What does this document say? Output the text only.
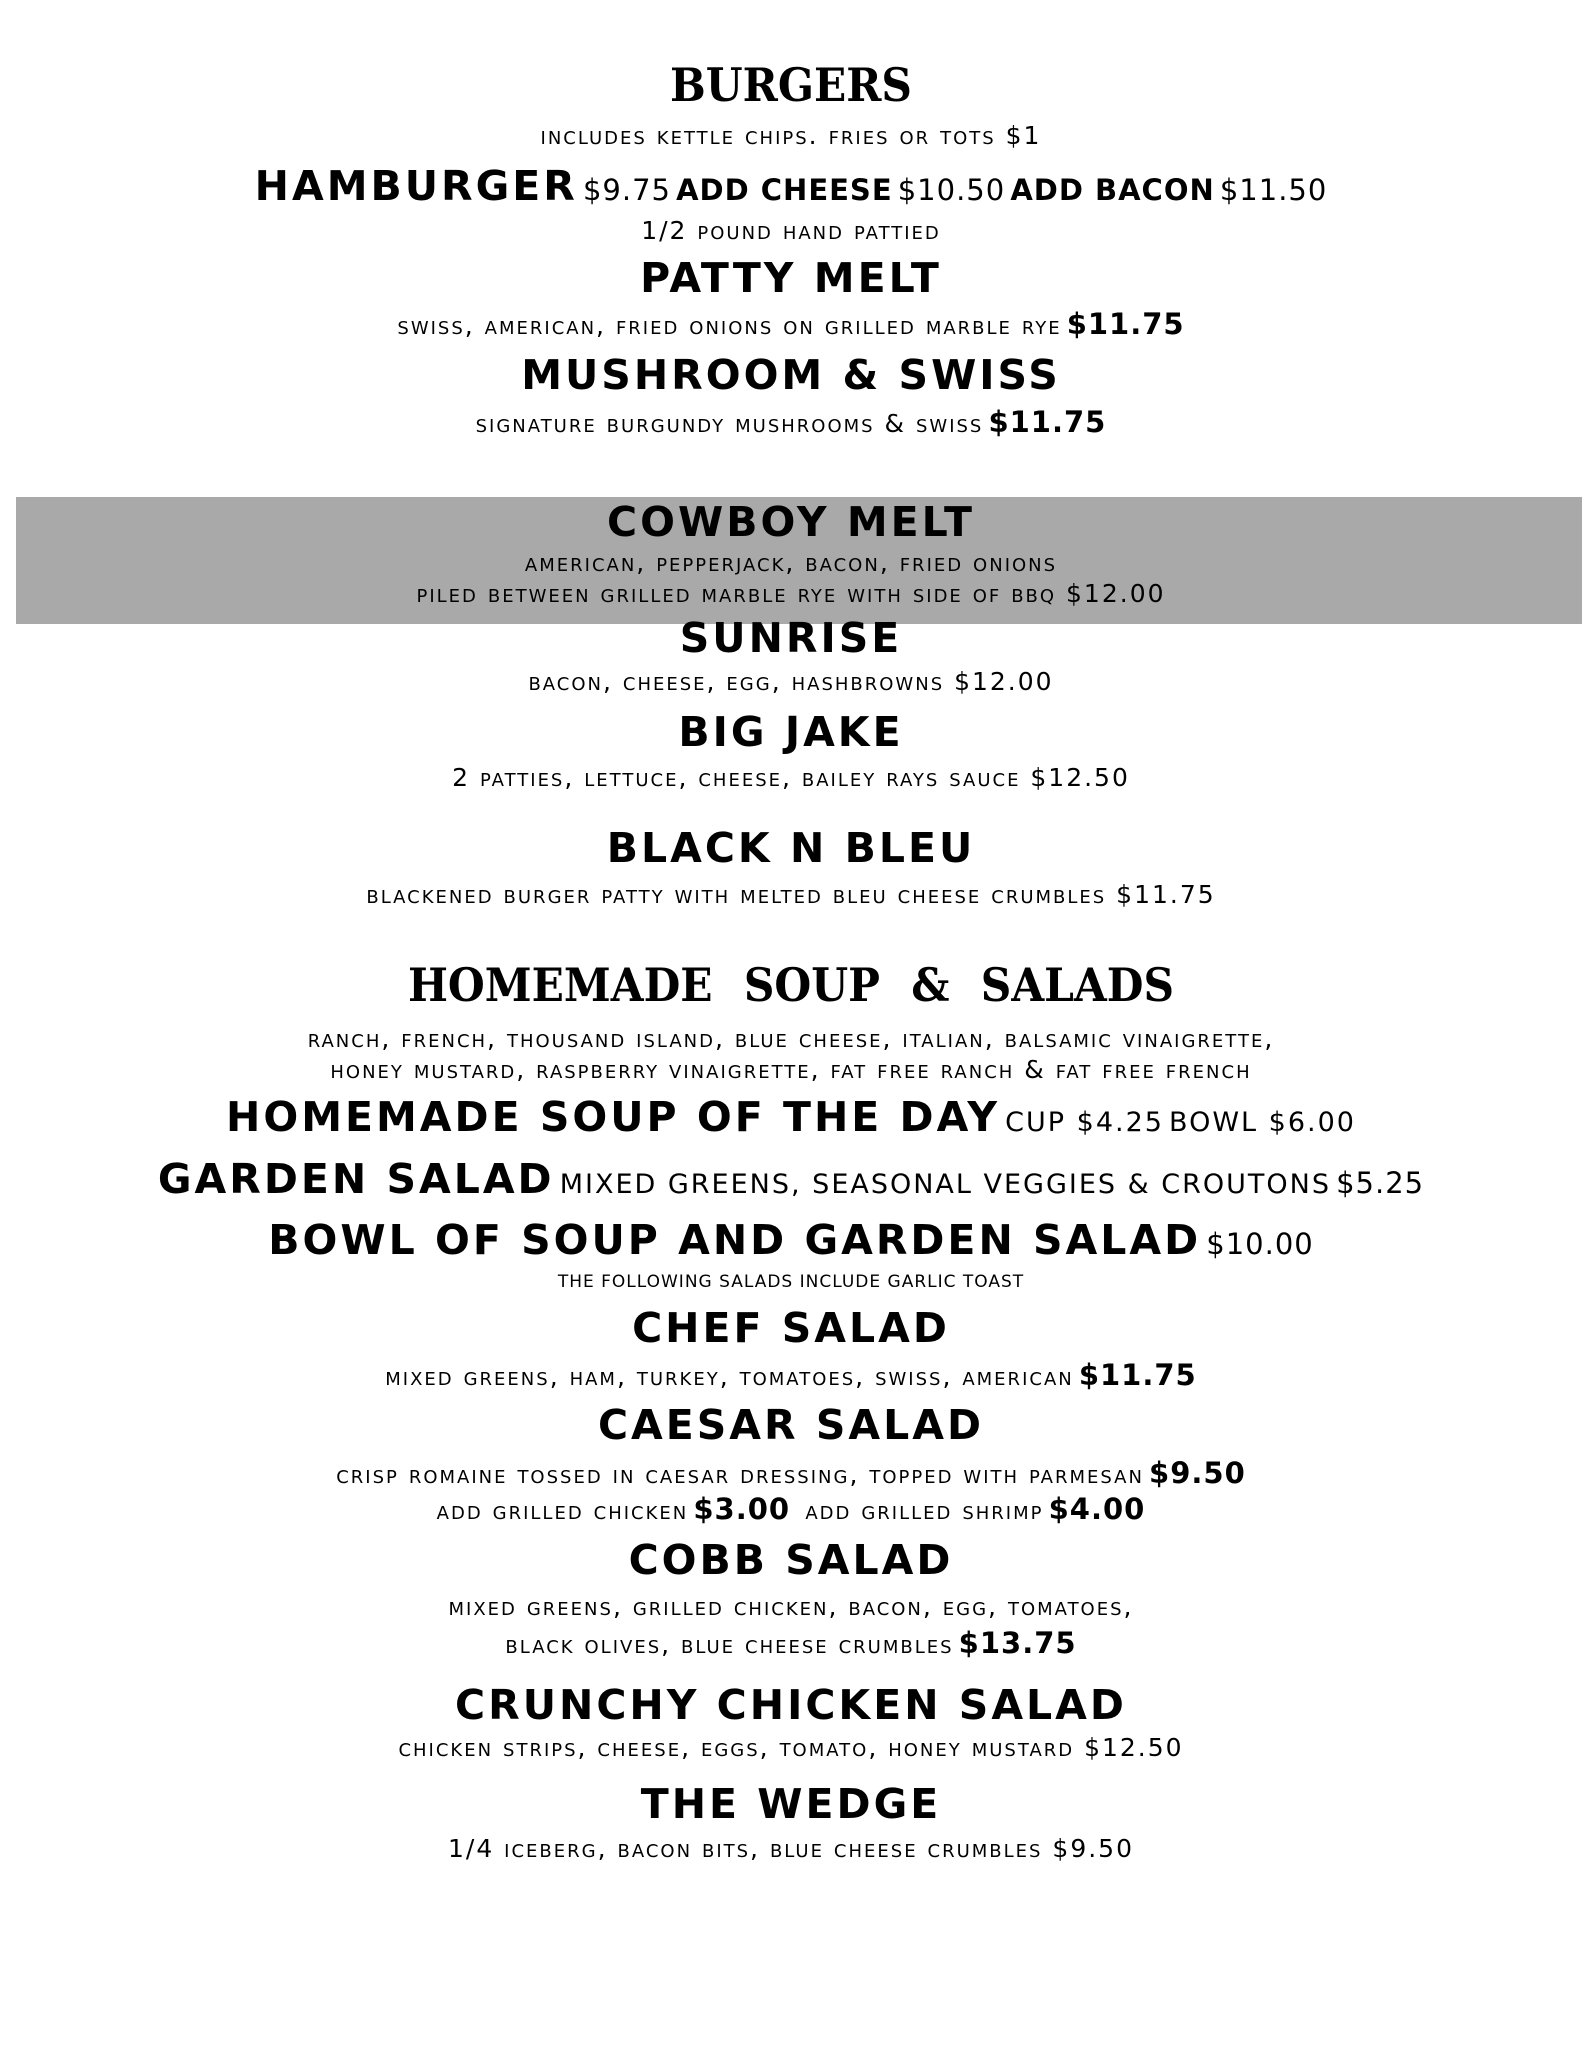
BURGERS
includes kettle chips. fries or tots $1
HAMBURGER $9.75 ADD CHEESE $10.50 ADD BACON $11.50
1/2 pound hand pattied
PATTY MELT
swiss, american, fried onions on grilled marble rye $11.75
MUSHROOM & SWISS
signature burgundy mushrooms & swiss $11.75
COWBOY MELT
american, pepperjack, bacon, fried onions
piled between grilled marble rye with side of bbq $12.00
SUNRISE
bacon, cheese, egg, hashbrowns $12.00
BIG JAKE
2 patties, lettuce, cheese, bailey rays sauce $12.50
BLACK N BLEU
blackened burger patty with melted bleu cheese crumbles $11.75
HOMEMADE SOUP & SALADS
ranch, french, thousand island, blue cheese, italian, balsamic vinaigrette,
honey mustard, raspberry vinaigrette, fat free ranch & fat free french
HOMEMADE SOUP OF THE DAY CUP $4.25 BOWL $6.00
GARDEN SALAD MIXED GREENS, SEASONAL VEGGIES & CROUTONS $5.25
BOWL OF SOUP AND GARDEN SALAD $10.00
THE FOLLOWING SALADS INCLUDE GARLIC TOAST
CHEF SALAD
mixed greens, ham, turkey, tomatoes, swiss, american $11.75
CAESAR SALAD
crisp romaine tossed in caesar dressing, topped with parmesan $9.50
add grilled chicken $3.00 add grilled shrimp $4.00
COBB SALAD
mixed greens, grilled chicken, bacon, egg, tomatoes,
black olives, blue cheese crumbles $13.75
CRUNCHY CHICKEN SALAD
chicken strips, cheese, eggs, tomato, honey mustard $12.50
THE WEDGE
1/4 iceberg, bacon bits, blue cheese crumbles $9.50
